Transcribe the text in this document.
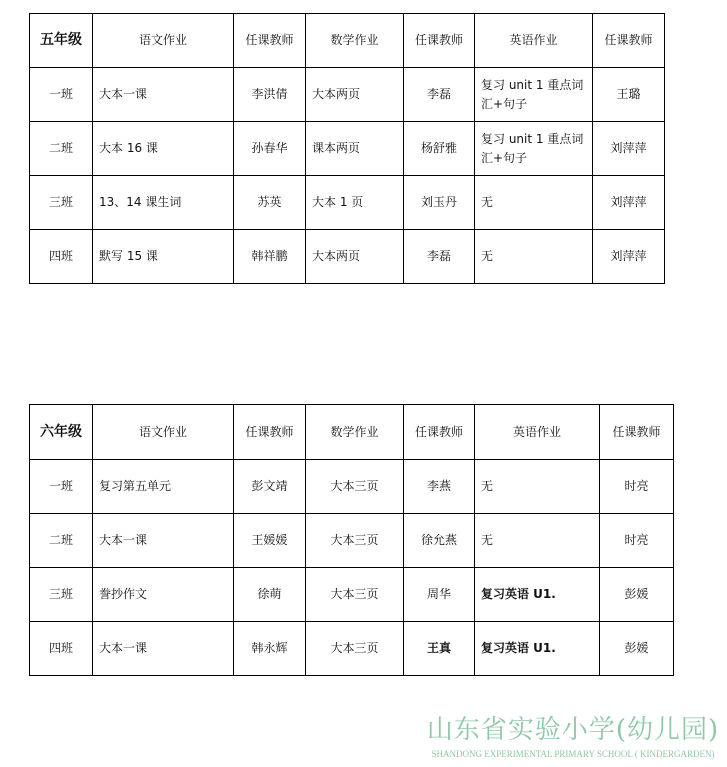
五年级	语文作业	任课教师	数学作业	任课教师	英语作业	任课教师
一班	大本一课	李洪倩	大本两页	李磊	复习 unit 1 重点词汇+句子	王璐
二班	大本 16 课	孙春华	课本两页	杨舒雅	复习 unit 1 重点词汇+句子	刘萍萍
三班	13、14 课生词	苏英	大本 1 页	刘玉丹	无	刘萍萍
四班	默写 15 课	韩祥鹏	大本两页	李磊	无	刘萍萍
六年级	语文作业	任课教师	数学作业	任课教师	英语作业	任课教师
一班	复习第五单元	彭文靖	大本三页	李燕	无	时亮
二班	大本一课	王媛媛	大本三页	徐允燕	无	时亮
三班	誊抄作文	徐萌	大本三页	周华	复习英语 U1.	彭媛
四班	大本一课	韩永辉	大本三页	王真	复习英语 U1.	彭媛
山东省实验小学(幼儿园)
SHANDONG EXPERIMENTAL PRIMARY SCHOOL ( KINDERGARDEN)
